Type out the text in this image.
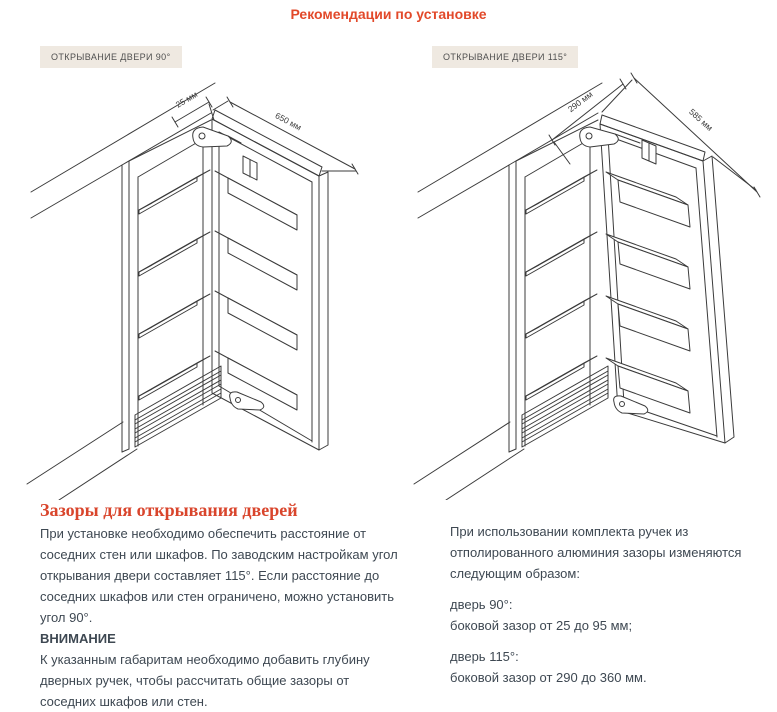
Рекомендации по установке
ОТКРЫВАНИЕ ДВЕРИ 90°	ОТКРЫВАНИЕ ДВЕРИ 115°
25 мм
650 мм
290 мм
585 мм
Зазоры для открывания дверей

При установке необходимо обеспечить расстояние от соседних стен или шкафов. По заводским настройкам угол открывания двери составляет 115°. Если расстояние до соседних шкафов или стен ограничено, можно установить угол 90°.

ВНИМАНИЕ

К указанным габаритам необходимо добавить глубину дверных ручек, чтобы рассчитать общие зазоры от соседних шкафов или стен.

При использовании комплекта ручек из отполированного алюминия зазоры изменяются следующим образом:

дверь 90°:

боковой зазор от 25 до 95 мм;

дверь 115°:

боковой зазор от 290 до 360 мм.
